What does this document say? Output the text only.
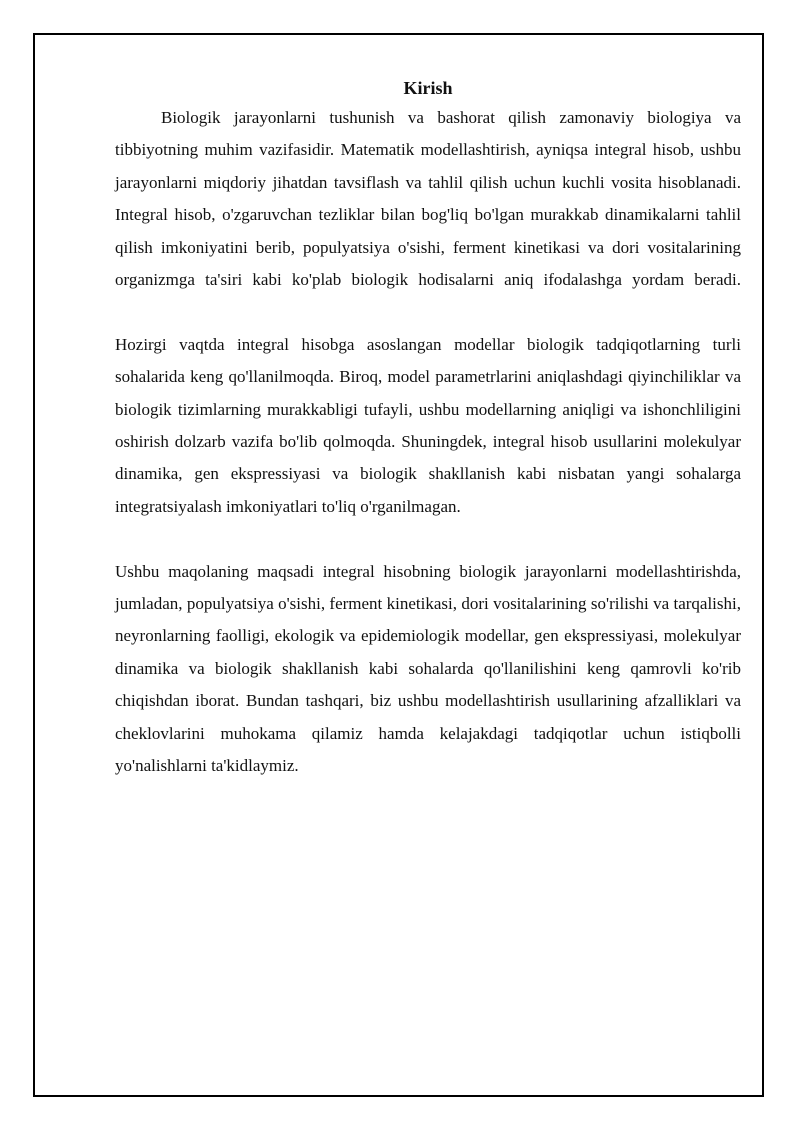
Kirish

Biologik jarayonlarni tushunish va bashorat qilish zamonaviy biologiya va tibbiyotning muhim vazifasidir. Matematik modellashtirish, ayniqsa integral hisob, ushbu jarayonlarni miqdoriy jihatdan tavsiflash va tahlil qilish uchun kuchli vosita hisoblanadi. Integral hisob, o'zgaruvchan tezliklar bilan bog'liq bo'lgan murakkab dinamikalarni tahlil qilish imkoniyatini berib, populyatsiya o'sishi, ferment kinetikasi va dori vositalarining organizmga ta'siri kabi ko'plab biologik hodisalarni aniq ifodalashga yordam beradi.

Hozirgi vaqtda integral hisobga asoslangan modellar biologik tadqiqotlarning turli sohalarida keng qo'llanilmoqda. Biroq, model parametrlarini aniqlashdagi qiyinchiliklar va biologik tizimlarning murakkabligi tufayli, ushbu modellarning aniqligi va ishonchliligini oshirish dolzarb vazifa bo'lib qolmoqda. Shuningdek, integral hisob usullarini molekulyar dinamika, gen ekspressiyasi va biologik shakllanish kabi nisbatan yangi sohalarga integratsiyalash imkoniyatlari to'liq o'rganilmagan.

Ushbu maqolaning maqsadi integral hisobning biologik jarayonlarni modellashtirishda, jumladan, populyatsiya o'sishi, ferment kinetikasi, dori vositalarining so'rilishi va tarqalishi, neyronlarning faolligi, ekologik va epidemiologik modellar, gen ekspressiyasi, molekulyar dinamika va biologik shakllanish kabi sohalarda qo'llanilishini keng qamrovli ko'rib chiqishdan iborat. Bundan tashqari, biz ushbu modellashtirish usullarining afzalliklari va cheklovlarini muhokama qilamiz hamda kelajakdagi tadqiqotlar uchun istiqbolli yo'nalishlarni ta'kidlaymiz.
